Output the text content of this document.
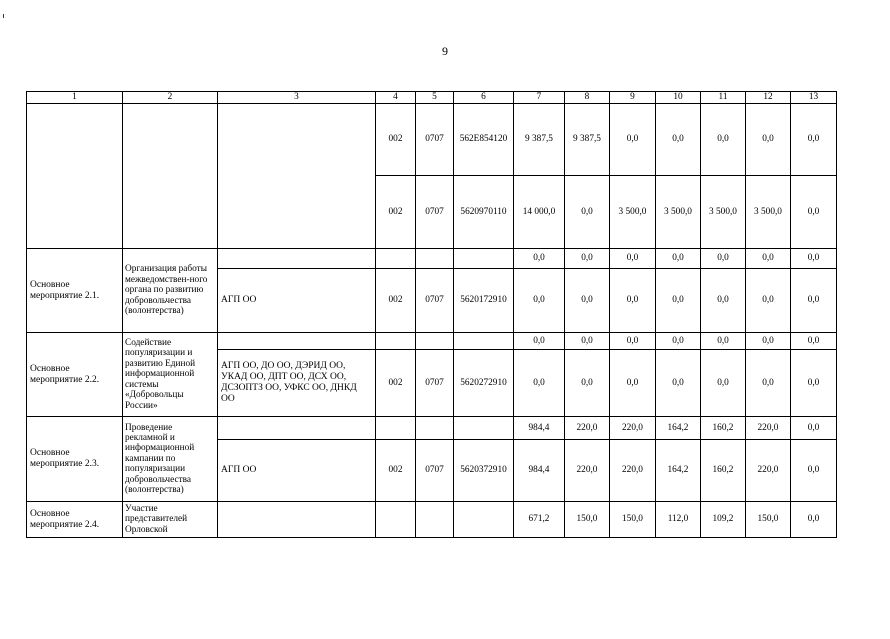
9
1	2	3	4	5	6	7	8	9	10	11	12	13
			002	0707	562E854120	9 387,5	9 387,5	0,0	0,0	0,0	0,0	0,0
			002	0707	5620970110	14 000,0	0,0	3 500,0	3 500,0	3 500,0	3 500,0	0,0
Основное мероприятие 2.1.	Организация работы межведомствен-ного органа по развитию добровольчества (волонтерства)					0,0	0,0	0,0	0,0	0,0	0,0	0,0
		АГП ОО	002	0707	5620172910	0,0	0,0	0,0	0,0	0,0	0,0	0,0
Основное мероприятие 2.2.	Содействие популяризации и развитию Единой информационной системы «Добровольцы России»					0,0	0,0	0,0	0,0	0,0	0,0	0,0
		АГП ОО, ДО ОО, ДЭРИД ОО, УКАД ОО, ДПТ ОО, ДСХ ОО, ДСЗОПТЗ ОО, УФКС ОО, ДНКД ОО	002	0707	5620272910	0,0	0,0	0,0	0,0	0,0	0,0	0,0
Основное мероприятие 2.3.	Проведение рекламной и информационной кампании по популяризации добровольчества (волонтерства)					984,4	220,0	220,0	164,2	160,2	220,0	0,0
		АГП ОО	002	0707	5620372910	984,4	220,0	220,0	164,2	160,2	220,0	0,0
Основное мероприятие 2.4.	Участие представителей Орловской					671,2	150,0	150,0	112,0	109,2	150,0	0,0
